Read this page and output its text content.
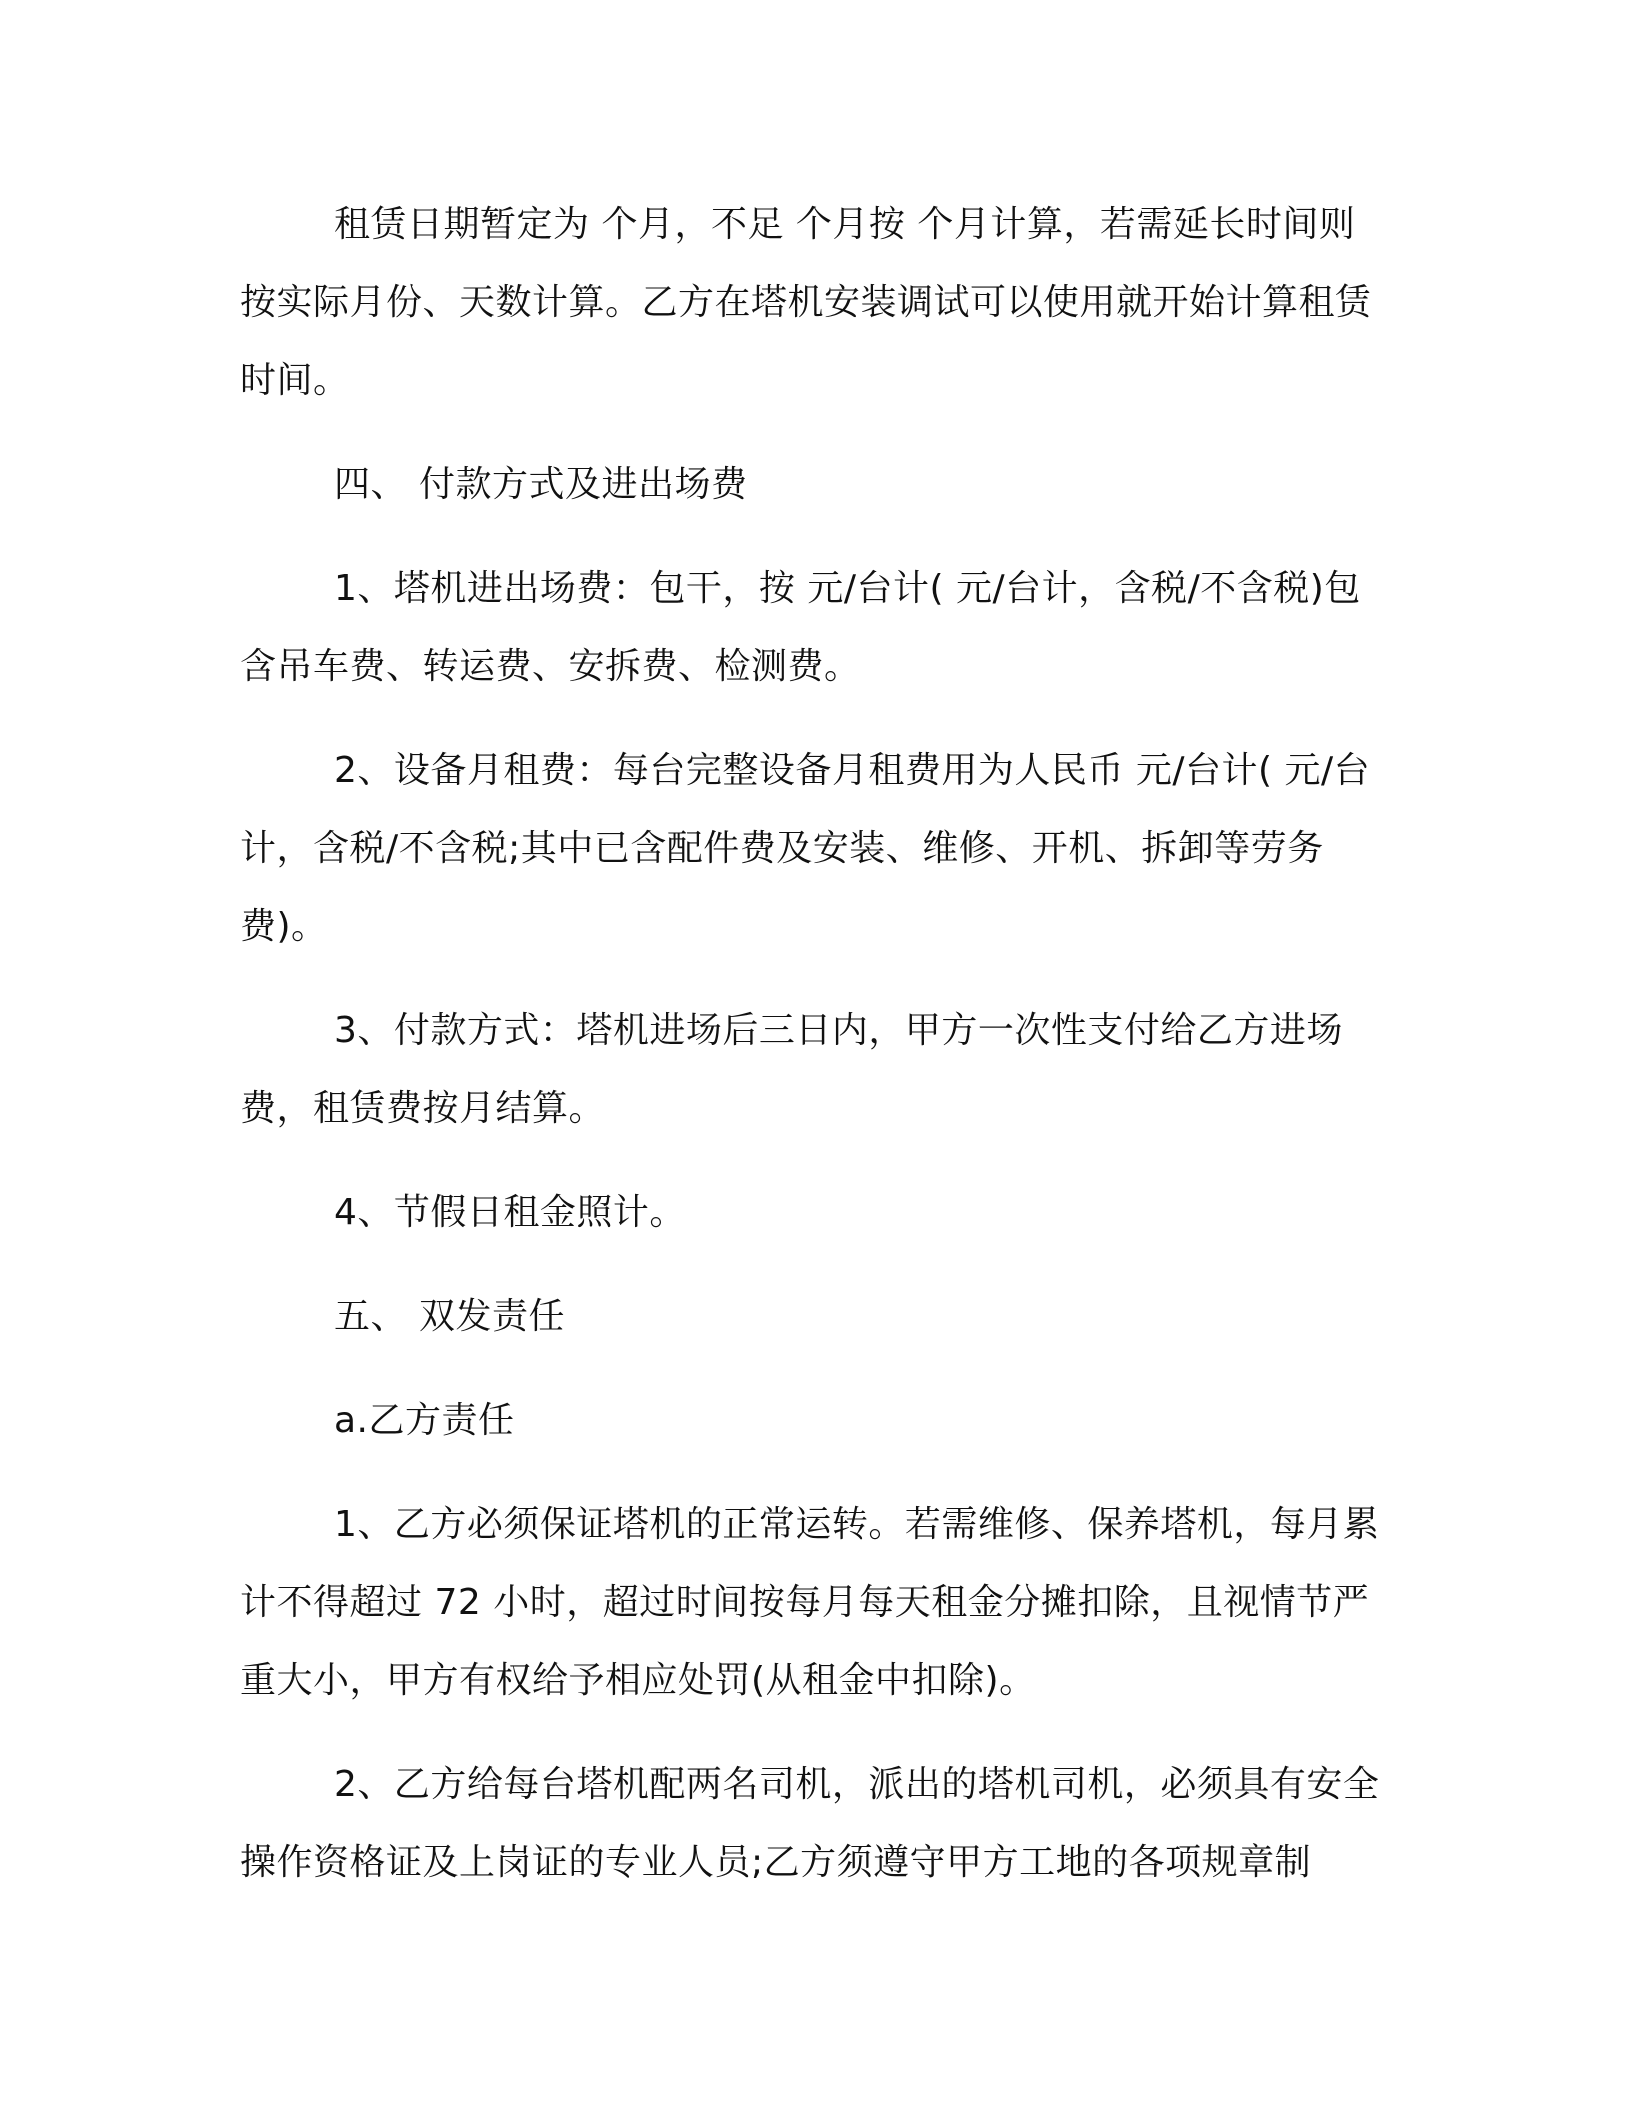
租赁日期暂定为 个月，不足 个月按 个月计算，若需延长时间则按实际月份、天数计算。乙方在塔机安装调试可以使用就开始计算租赁时间。

四、 付款方式及进出场费

1、塔机进出场费：包干，按 元/台计( 元/台计，含税/不含税)包含吊车费、转运费、安拆费、检测费。

2、设备月租费：每台完整设备月租费用为人民币 元/台计( 元/台计，含税/不含税;其中已含配件费及安装、维修、开机、拆卸等劳务费)。

3、付款方式：塔机进场后三日内，甲方一次性支付给乙方进场费，租赁费按月结算。

4、节假日租金照计。

五、 双发责任

a.乙方责任

1、乙方必须保证塔机的正常运转。若需维修、保养塔机，每月累计不得超过 72 小时，超过时间按每月每天租金分摊扣除，且视情节严重大小，甲方有权给予相应处罚(从租金中扣除)。

2、乙方给每台塔机配两名司机，派出的塔机司机，必须具有安全操作资格证及上岗证的专业人员;乙方须遵守甲方工地的各项规章制
